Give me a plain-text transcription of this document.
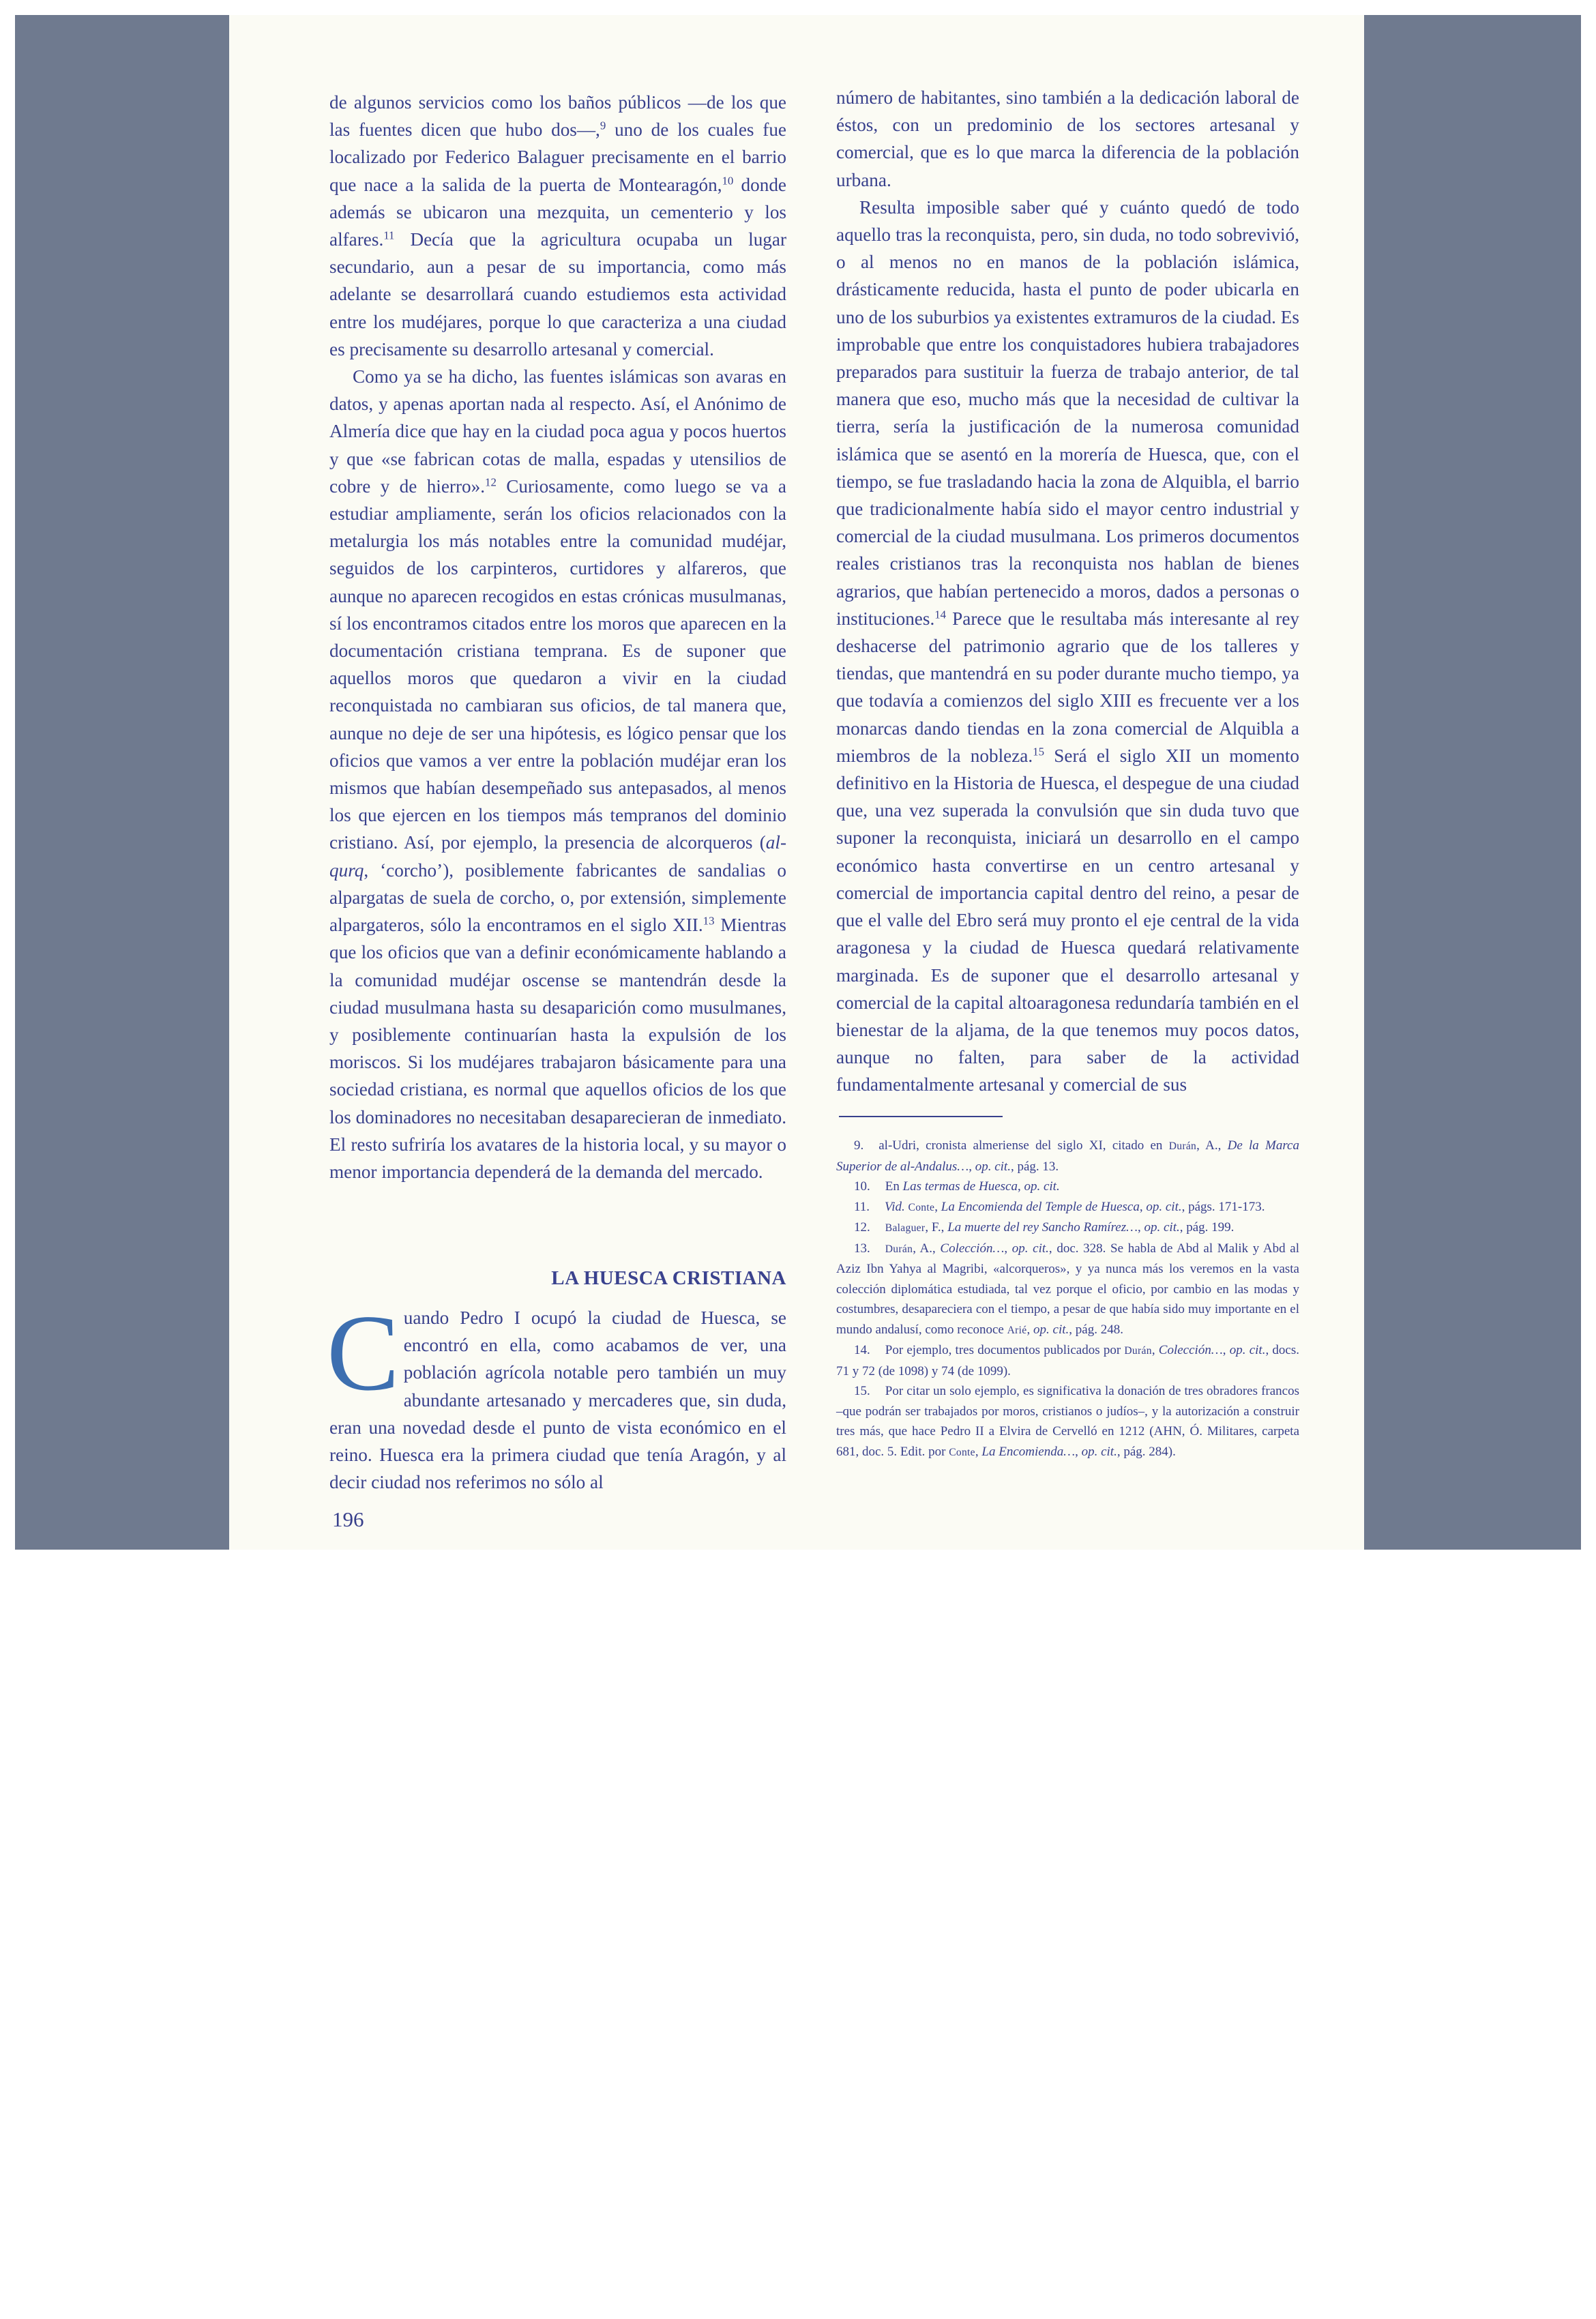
de algunos servicios como los baños públicos —de los que las fuentes dicen que hubo dos—,$^9$ uno de los cuales fue localizado por Federico Balaguer precisamente en el barrio que nace a la salida de la puerta de Montearagón,$^{10}$ donde además se ubicaron una mezquita, un cementerio y los alfares.$^{11}$ Decía que la agricultura ocupaba un lugar secundario, aun a pesar de su importancia, como más adelante se desarrollará cuando estudiemos esta actividad entre los mudéjares, porque lo que caracteriza a una ciudad es precisamente su desarrollo artesanal y comercial.

Como ya se ha dicho, las fuentes islámicas son avaras en datos, y apenas aportan nada al respecto. Así, el Anónimo de Almería dice que hay en la ciudad poca agua y pocos huertos y que «se fabrican cotas de malla, espadas y utensilios de cobre y de hierro».$^{12}$ Curiosamente, como luego se va a estudiar ampliamente, serán los oficios relacionados con la metalurgia los más notables entre la comunidad mudéjar, seguidos de los carpinteros, curtidores y alfareros, que aunque no aparecen recogidos en estas crónicas musulmanas, sí los encontramos citados entre los moros que aparecen en la documentación cristiana temprana. Es de suponer que aquellos moros que quedaron a vivir en la ciudad reconquistada no cambiaran sus oficios, de tal manera que, aunque no deje de ser una hipótesis, es lógico pensar que los oficios que vamos a ver entre la población mudéjar eran los mismos que habían desempeñado sus antepasados, al menos los que ejercen en los tiempos más tempranos del dominio cristiano. Así, por ejemplo, la presencia de alcorqueros (al-qurq, ‘corcho’), posiblemente fabricantes de sandalias o alpargatas de suela de corcho, o, por extensión, simplemente alpargateros, sólo la encontramos en el siglo XII.$^{13}$ Mientras que los oficios que van a definir económicamente hablando a la comunidad mudéjar oscense se mantendrán desde la ciudad musulmana hasta su desaparición como musulmanes, y posiblemente continuarían hasta la expulsión de los moriscos. Si los mudéjares trabajaron básicamente para una sociedad cristiana, es normal que aquellos oficios de los que los dominadores no necesitaban desaparecieran de inmediato. El resto sufriría los avatares de la historia local, y su mayor o menor importancia dependerá de la demanda del mercado.

LA HUESCA CRISTIANA
Cuando Pedro I ocupó la ciudad de Huesca, se encontró en ella, como acabamos de ver, una población agrícola notable pero también un muy abundante artesanado y mercaderes que, sin duda, eran una novedad desde el punto de vista económico en el reino. Huesca era la primera ciudad que tenía Aragón, y al decir ciudad nos referimos no sólo al

número de habitantes, sino también a la dedicación laboral de éstos, con un predominio de los sectores artesanal y comercial, que es lo que marca la diferencia de la población urbana.

Resulta imposible saber qué y cuánto quedó de todo aquello tras la reconquista, pero, sin duda, no todo sobrevivió, o al menos no en manos de la población islámica, drásticamente reducida, hasta el punto de poder ubicarla en uno de los suburbios ya existentes extramuros de la ciudad. Es improbable que entre los conquistadores hubiera trabajadores preparados para sustituir la fuerza de trabajo anterior, de tal manera que eso, mucho más que la necesidad de cultivar la tierra, sería la justificación de la numerosa comunidad islámica que se asentó en la morería de Huesca, que, con el tiempo, se fue trasladando hacia la zona de Alquibla, el barrio que tradicionalmente había sido el mayor centro industrial y comercial de la ciudad musulmana. Los primeros documentos reales cristianos tras la reconquista nos hablan de bienes agrarios, que habían pertenecido a moros, dados a personas o instituciones.$^{14}$ Parece que le resultaba más interesante al rey deshacerse del patrimonio agrario que de los talleres y tiendas, que mantendrá en su poder durante mucho tiempo, ya que todavía a comienzos del siglo XIII es frecuente ver a los monarcas dando tiendas en la zona comercial de Alquibla a miembros de la nobleza.$^{15}$ Será el siglo XII un momento definitivo en la Historia de Huesca, el despegue de una ciudad que, una vez superada la convulsión que sin duda tuvo que suponer la reconquista, iniciará un desarrollo en el campo económico hasta convertirse en un centro artesanal y comercial de importancia capital dentro del reino, a pesar de que el valle del Ebro será muy pronto el eje central de la vida aragonesa y la ciudad de Huesca quedará relativamente marginada. Es de suponer que el desarrollo artesanal y comercial de la capital altoaragonesa redundaría también en el bienestar de la aljama, de la que tenemos muy pocos datos, aunque no falten, para saber de la actividad fundamentalmente artesanal y comercial de sus

9. al-Udri, cronista almeriense del siglo XI, citado en Durán, A., De la Marca Superior de al-Andalus…, op. cit., pág. 13.

10. En Las termas de Huesca, op. cit.

11. Vid. Conte, La Encomienda del Temple de Huesca, op. cit., págs. 171-173.

12. Balaguer, F., La muerte del rey Sancho Ramírez…, op. cit., pág. 199.

13. Durán, A., Colección…, op. cit., doc. 328. Se habla de Abd al Malik y Abd al Aziz Ibn Yahya al Magribi, «alcorqueros», y ya nunca más los veremos en la vasta colección diplomática estudiada, tal vez porque el oficio, por cambio en las modas y costumbres, desapareciera con el tiempo, a pesar de que había sido muy importante en el mundo andalusí, como reconoce Arié, op. cit., pág. 248.

14. Por ejemplo, tres documentos publicados por Durán, Colección…, op. cit., docs. 71 y 72 (de 1098) y 74 (de 1099).

15. Por citar un solo ejemplo, es significativa la donación de tres obradores francos –que podrán ser trabajados por moros, cristianos o judíos–, y la autorización a construir tres más, que hace Pedro II a Elvira de Cervelló en 1212 (AHN, Ó. Militares, carpeta 681, doc. 5. Edit. por Conte, La Encomienda…, op. cit., pág. 284).

196
